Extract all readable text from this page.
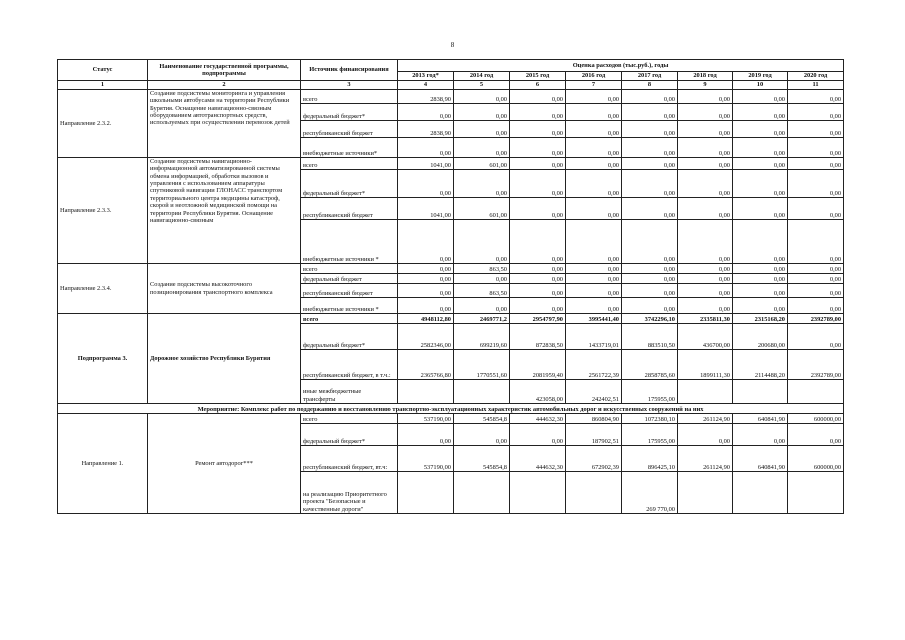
8
Статус	Наименование государственной программы, подпрограммы	Источник финансирования	Оценка расходов (тыс.руб.), годы							
			2013 год*	2014 год	2015 год	2016 год	2017 год	2018 год	2019 год	2020 год
1	2	3	4	5	6	7	8	9	10	11
Направление 2.3.2.	Создание подсистемы мониторинга и управления школьными автобусами на территории Республики Бурятия. Оснащение навигационно-связным оборудованием автотранспортных средств, используемых при осуществлении перевозок детей	всего	2838,90	0,00	0,00	0,00	0,00	0,00	0,00	0,00
		федеральный бюджет*	0,00	0,00	0,00	0,00	0,00	0,00	0,00	0,00
		республиканский бюджет	2838,90	0,00	0,00	0,00	0,00	0,00	0,00	0,00
		внебюджетные источники*	0,00	0,00	0,00	0,00	0,00	0,00	0,00	0,00
Направление 2.3.3.	Создание подсистемы навигационно-информационной автоматизированной системы обмена информацией, обработки вызовов и управления с использованием аппаратуры спутниковой навигации ГЛОНАСС транспортом территориального центра медицины катастроф, скорой и неотложной медицинской помощи на территории Республики Бурятия. Оснащение навигационно-связным	всего	1041,00	601,00	0,00	0,00	0,00	0,00	0,00	0,00
		федеральный бюджет*	0,00	0,00	0,00	0,00	0,00	0,00	0,00	0,00
		республиканский бюджет	1041,00	601,00	0,00	0,00	0,00	0,00	0,00	0,00
		внебюджетные источники *	0,00	0,00	0,00	0,00	0,00	0,00	0,00	0,00
Направление 2.3.4.	Создание подсистемы высокоточного позиционирования транспортного комплекса	всего	0,00	863,50	0,00	0,00	0,00	0,00	0,00	0,00
		федеральный бюджет	0,00	0,00	0,00	0,00	0,00	0,00	0,00	0,00
		республиканский бюджет	0,00	863,50	0,00	0,00	0,00	0,00	0,00	0,00
		внебюджетные источники *	0,00	0,00	0,00	0,00	0,00	0,00	0,00	0,00
Подпрограмма 3.	Дорожное хозяйство Республики Бурятия	всего	4948112,80	2469771,2	2954797,90	3995441,40	3742296,10	2335811,30	2315168,20	2392789,00
		федеральный бюджет*	2582346,00	699219,60	872838,50	1433719,01	883510,50	436700,00	200680,00	0,00
		республиканский бюджет, в т.ч.:	2365766,80	1770551,60	2081959,40	2561722,39	2858785,60	1899111,30	2114488,20	2392789,00
		иные межбюджетные трансферты			423058,00	242402,51	175955,00			
Мероприятие: Комплекс работ по поддержанию и восстановлению транспортно-эксплуатационных характеристик автомобильных дорог и искусственных сооружений на них										
Направление 1.	Ремонт автодорог***	всего	537190,00	545854,8	444632,30	860804,90	1072380,10	261124,90	640841,90	600000,00
		федеральный бюджет*	0,00	0,00	0,00	187902,51	175955,00	0,00	0,00	0,00
		республиканский бюджет, вт.ч:	537190,00	545854,8	444632,30	672902,39	896425,10	261124,90	640841,90	600000,00
		на реализацию Приоритетного проекта "Безопасные и качественные дороги"					269 770,00			
